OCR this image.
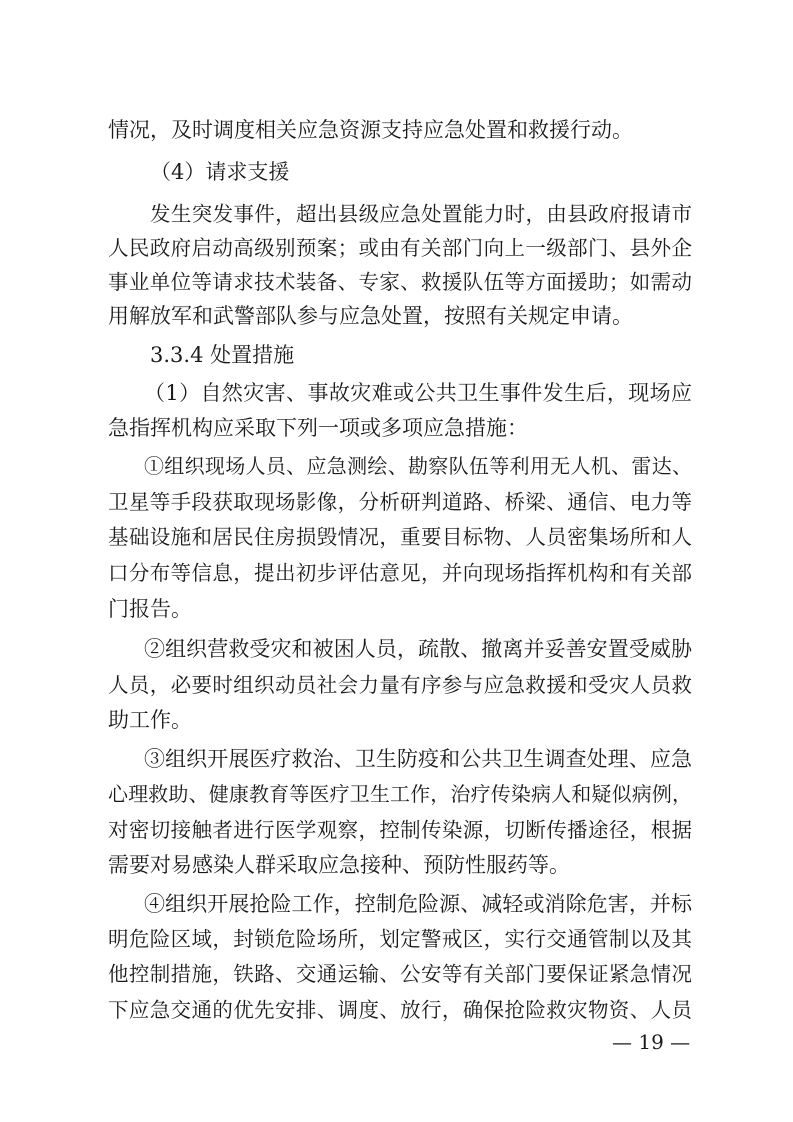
情况，及时调度相关应急资源支持应急处置和救援行动。
（4）请求支援
发生突发事件，超出县级应急处置能力时，由县政府报请市
人民政府启动高级别预案；或由有关部门向上一级部门、县外企
事业单位等请求技术装备、专家、救援队伍等方面援助；如需动
用解放军和武警部队参与应急处置，按照有关规定申请。
3.3.4 处置措施
（1）自然灾害、事故灾难或公共卫生事件发生后，现场应
急指挥机构应采取下列一项或多项应急措施：
①组织现场人员、应急测绘、勘察队伍等利用无人机、雷达、
卫星等手段获取现场影像，分析研判道路、桥梁、通信、电力等
基础设施和居民住房损毁情况，重要目标物、人员密集场所和人
口分布等信息，提出初步评估意见，并向现场指挥机构和有关部
门报告。
②组织营救受灾和被困人员，疏散、撤离并妥善安置受威胁
人员，必要时组织动员社会力量有序参与应急救援和受灾人员救
助工作。
③组织开展医疗救治、卫生防疫和公共卫生调查处理、应急
心理救助、健康教育等医疗卫生工作，治疗传染病人和疑似病例，
对密切接触者进行医学观察，控制传染源，切断传播途径，根据
需要对易感染人群采取应急接种、预防性服药等。
④组织开展抢险工作，控制危险源、减轻或消除危害，并标
明危险区域，封锁危险场所，划定警戒区，实行交通管制以及其
他控制措施，铁路、交通运输、公安等有关部门要保证紧急情况
下应急交通的优先安排、调度、放行，确保抢险救灾物资、人员
— 19 —
